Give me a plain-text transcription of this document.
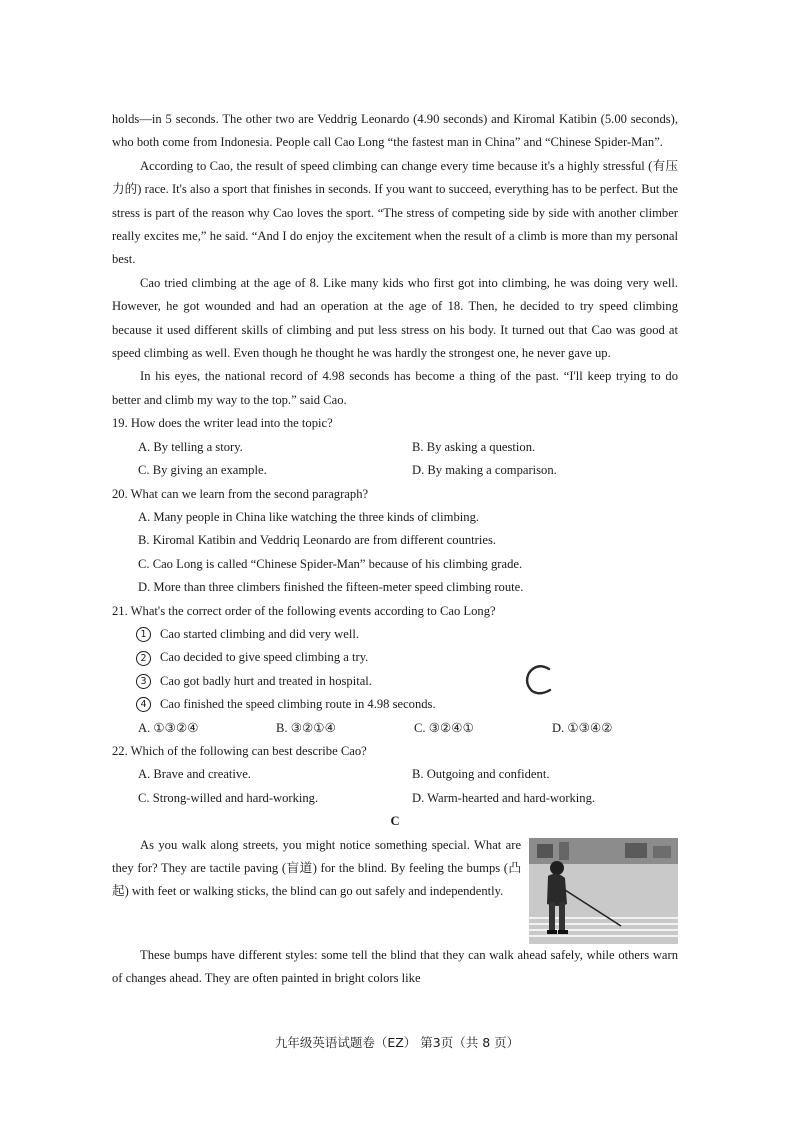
holds—in 5 seconds. The other two are Veddrig Leonardo (4.90 seconds) and Kiromal Katibin (5.00 seconds), who both come from Indonesia. People call Cao Long “the fastest man in China” and “Chinese Spider-Man”.

According to Cao, the result of speed climbing can change every time because it's a highly stressful (有压力的) race. It's also a sport that finishes in seconds. If you want to succeed, everything has to be perfect. But the stress is part of the reason why Cao loves the sport. “The stress of competing side by side with another climber really excites me,” he said. “And I do enjoy the excitement when the result of a climb is more than my personal best.

Cao tried climbing at the age of 8. Like many kids who first got into climbing, he was doing very well. However, he got wounded and had an operation at the age of 18. Then, he decided to try speed climbing because it used different skills of climbing and put less stress on his body. It turned out that Cao was good at speed climbing as well. Even though he thought he was hardly the strongest one, he never gave up.

In his eyes, the national record of 4.98 seconds has become a thing of the past. “I'll keep trying to do better and climb my way to the top.” said Cao.

19. How does the writer lead into the topic?

A. By telling a story.	B. By asking a question.
C. By giving an example.	D. By making a comparison.

20. What can we learn from the second paragraph?

A. Many people in China like watching the three kinds of climbing.
B. Kiromal Katibin and Veddriq Leonardo are from different countries.
C. Cao Long is called “Chinese Spider-Man” because of his climbing grade.
D. More than three climbers finished the fifteen-meter speed climbing route.

21. What's the correct order of the following events according to Cao Long?

1	Cao started climbing and did very well.
2	Cao decided to give speed climbing a try.
3	Cao got badly hurt and treated in hospital.
4	Cao finished the speed climbing route in 4.98 seconds.
A. ①③②④	B. ③②①④	C. ③②④①	D. ①③④②

22. Which of the following can best describe Cao?

A. Brave and creative.	B. Outgoing and confident.
C. Strong-willed and hard-working.	D. Warm-hearted and hard-working.

C

As you walk along streets, you might notice something special. What are they for? They are tactile paving (盲道) for the blind. By feeling the bumps (凸起) with feet or walking sticks, the blind can go out safely and independently.

These bumps have different styles: some tell the blind that they can walk ahead safely, while others warn of changes ahead. They are often painted in bright colors like

九年级英语试题卷（EZ） 第3页（共 8 页）
